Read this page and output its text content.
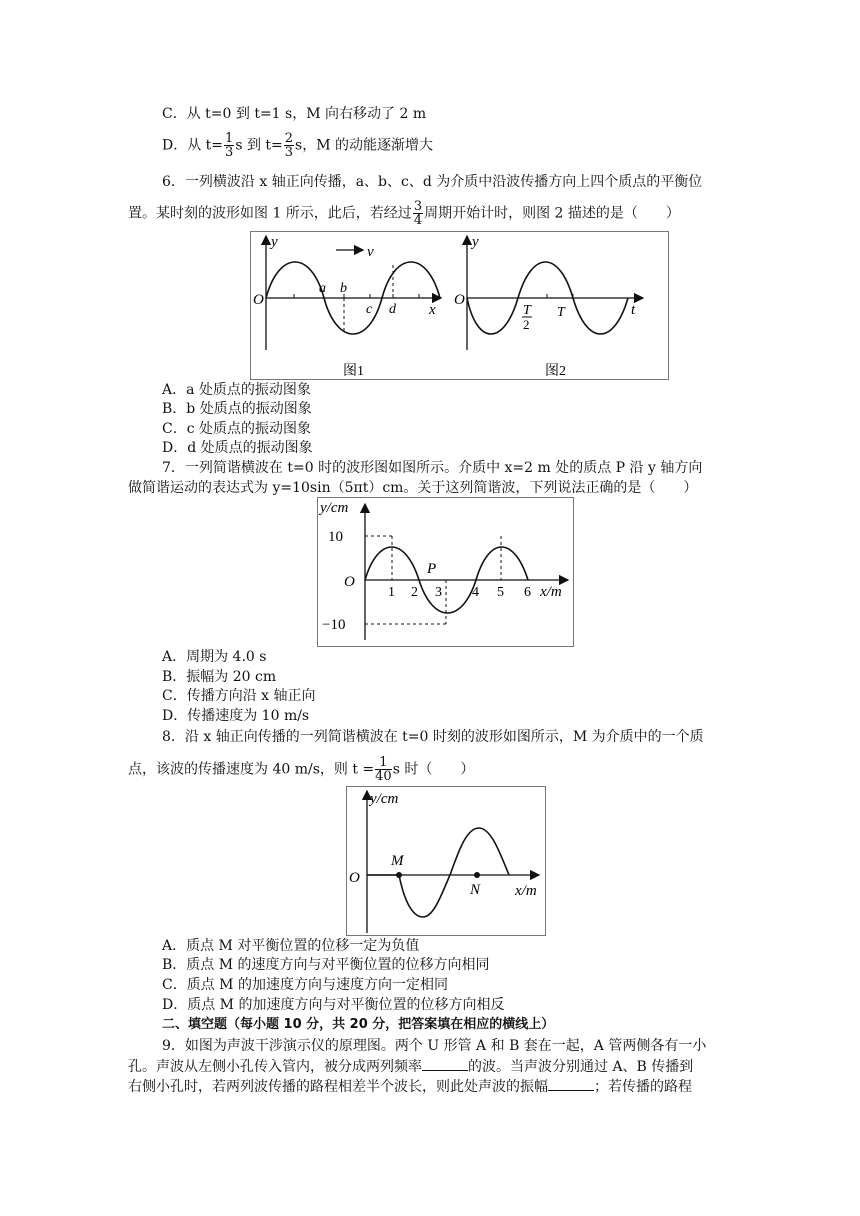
C．从 t=0 到 t=1 s，M 向右移动了 2 m
D．从 $t= \frac{1}{3}$ s 到 $t= \frac{2}{3}$ s，M 的动能逐渐增大
6．一列横波沿 x 轴正向传播，a、b、c、d 为介质中沿波传播方向上四个质点的平衡位
置。某时刻的波形如图 1 所示，此后，若经过 $\frac{3}{4}$ 周期开始计时，则图 2 描述的是（　　）
y
O
x
v
a b
c d
图1
y
O
t
T
2
T
图2
A．a 处质点的振动图象
B．b 处质点的振动图象
C．c 处质点的振动图象
D．d 处质点的振动图象
7．一列简谐横波在 t=0 时的波形图如图所示。介质中 x=2 m 处的质点 P 沿 y 轴方向
做简谐运动的表达式为 y=10sin（5πt）cm。关于这列简谐波，下列说法正确的是（　　）
y/cm
10
−10
O
P
1 2 3 4 5 6 x/m
A．周期为 4.0 s
B．振幅为 20 cm
C．传播方向沿 x 轴正向
D．传播速度为 10 m/s
8．沿 x 轴正向传播的一列简谐横波在 t=0 时刻的波形如图所示，M 为介质中的一个质
点，该波的传播速度为 40 m/s，则 $t = \frac{1}{40}$ s 时（　　）
y/cm
O
M
N x/m
A．质点 M 对平衡位置的位移一定为负值
B．质点 M 的速度方向与对平衡位置的位移方向相同
C．质点 M 的加速度方向与速度方向一定相同
D．质点 M 的加速度方向与对平衡位置的位移方向相反
二、填空题（每小题 10 分，共 20 分，把答案填在相应的横线上）
9．如图为声波干涉演示仪的原理图。两个 U 形管 A 和 B 套在一起，A 管两侧各有一小
孔。声波从左侧小孔传入管内，被分成两列频率	的波。当声波分别通过 A、B 传播到
右侧小孔时，若两列波传播的路程相差半个波长，则此处声波的振幅	；若传播的路程
